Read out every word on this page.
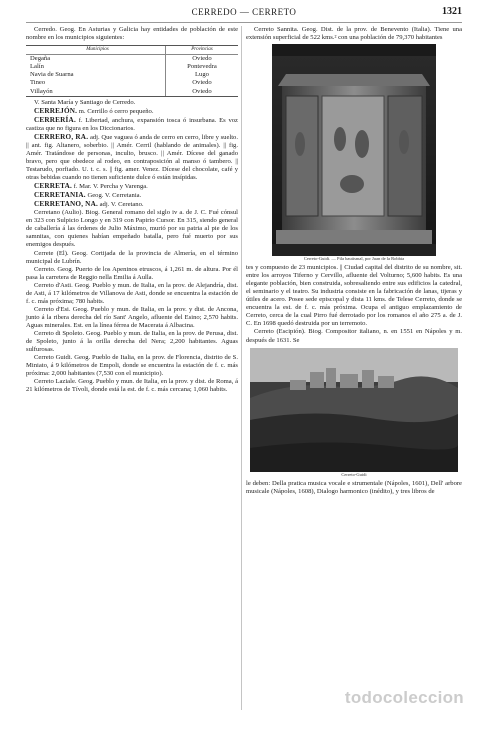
CERREDO — CERRETO	1321

Cerredo. Geog. En Asturias y Galicia hay entidades de población de este nombre en los municipios siguientes:

Municipios	Provincias
Degaña	Oviedo
Lalín	Pontevedra
Navia de Suarna	Lugo
Tineo	Oviedo
Villayón	Oviedo

V. Santa María y Santiago de Cerredo.

CERREJÓN. m. Cerrillo ó cerro pequeño.

CERRERÍA. f. Libertad, anchura, expansión tosca ó insurbana. Es voz castiza que no figura en los Diccionarios.

CERRERO, RA. adj. Que vaguea ó anda de cerro en cerro, libre y suelto. || ant. fig. Altanero, soberbio. || Amér. Cerril (hablando de animales). || fig. Amér. Tratándose de personas, inculto, brusco. || Amér. Dícese del ganado bravo, pero que obedece al rodeo, en contraposición al manso ó tambero. || Testarudo, porfiado. U. t. c. s. || fig. amer. Venez. Dícese del chocolate, café y otras bebidas cuando no tienen suficiente dulce ó están insípidas.

CERRETA. f. Mar. V. Percha y Varenga.

CERRETANIA. Geog. V. Cerretania.

CERRETANO, NA. adj. V. Ceretano.

Cerretano (Aulio). Biog. General romano del siglo iv a. de J. C. Fué cónsul en 323 con Sulpicio Longo y en 319 con Papirio Cursor. En 315, siendo general de caballería á las órdenes de Julio Máximo, murió por su patria al pie de los samnitas, con quienes habían empeñado batalla, pero fué muerto por sus enemigos después.

Cerrete (El). Geog. Cortijada de la provincia de Almería, en el término municipal de Lubrín.

Cerreto. Geog. Puerto de los Apeninos etruscos, á 1,261 m. de altura. Por él pasa la carretera de Reggio nella Emilia á Aulla.

Cerreto d'Asti. Geog. Pueblo y mun. de Italia, en la prov. de Alejandría, dist. de Asti, á 17 kilómetros de Villanova de Asti, donde se encuentra la estación de f. c. más próxima; 780 habits.

Cerreto d'Esi. Geog. Pueblo y mun. de Italia, en la prov. y dist. de Ancona, junto á la ribera derecha del río Sant' Angelo, afluente del Esino; 2,570 habits. Aguas minerales. Est. en la línea férrea de Macerata á Albacina.

Cerreto di Spoleto. Geog. Pueblo y mun. de Italia, en la prov. de Perusa, dist. de Spoleto, junto á la orilla derecha del Nera; 2,200 habitantes. Aguas sulfurosas.

Cerreto Guidi. Geog. Pueblo de Italia, en la prov. de Florencia, distrito de S. Miniato, á 9 kilómetros de Empoli, donde se encuentra la estación de f. c. más próxima: 2,000 habitantes (7,530 con el municipio).

Cerreto Laziale. Geog. Pueblo y mun. de Italia, en la prov. y dist. de Roma, á 21 kilómetros de Tívoli, donde está la est. de f. c. más cercana; 1,060 habits.

Cerreto Sannita. Geog. Dist. de la prov. de Benevento (Italia). Tiene una extensión superficial de 522 kms.² con una población de 79,370 habitantes

Cerreto-Guidi. — Pila bautismal, por Juan de la Robbia

tes y compuesto de 23 municipios. || Ciudad capital del distrito de su nombre, sit. entre los arroyos Tiferno y Cervillo, afluente del Volturno; 5,600 habits. Es una elegante población, bien construida, sobresaliendo entre sus edificios la catedral, el seminario y el teatro. Su industria consiste en la fabricación de lanas, tijeras y útiles de acero. Posee sede episcopal y dista 11 kms. de Telese Cerreto, donde se encuentra la est. de f. c. más próxima. Ocupa el antiguo emplazamiento de Cerreto, cerca de la cual Pirro fué derrotado por los romanos el año 275 a. de J. C. En 1698 quedó destruida por un terremoto.

Cerreto (Escipión). Biog. Compositor italiano, n. en 1551 en Nápoles y m. después de 1631. Se

Cerreto-Guidi

le deben: Della pratica musica vocale e strumentale (Nápoles, 1601), Dell' arbore musicale (Nápoles, 1608), Dialogo harmonico (inédito), y tres libros de

todocoleccion
